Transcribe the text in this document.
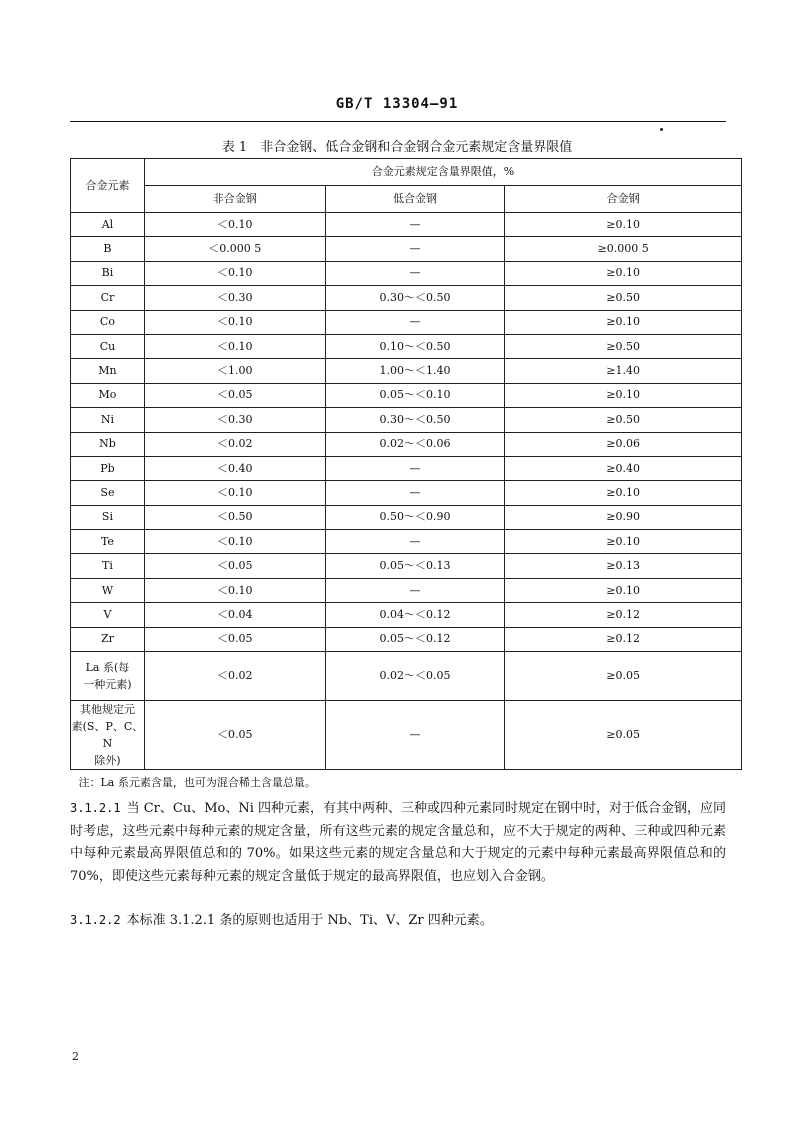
GB/T 13304—91
表 1　非合金钢、低合金钢和合金钢合金元素规定含量界限值
合金元素	合金元素规定含量界限值，%		
	非合金钢	低合金钢	合金钢
Al	＜0.10	—	≥0.10
B	＜0.000 5	—	≥0.000 5
Bi	＜0.10	—	≥0.10
Cr	＜0.30	0.30～＜0.50	≥0.50
Co	＜0.10	—	≥0.10
Cu	＜0.10	0.10～＜0.50	≥0.50
Mn	＜1.00	1.00～＜1.40	≥1.40
Mo	＜0.05	0.05～＜0.10	≥0.10
Ni	＜0.30	0.30～＜0.50	≥0.50
Nb	＜0.02	0.02～＜0.06	≥0.06
Pb	＜0.40	—	≥0.40
Se	＜0.10	—	≥0.10
Si	＜0.50	0.50～＜0.90	≥0.90
Te	＜0.10	—	≥0.10
Ti	＜0.05	0.05～＜0.13	≥0.13
W	＜0.10	—	≥0.10
V	＜0.04	0.04～＜0.12	≥0.12
Zr	＜0.05	0.05～＜0.12	≥0.12

La 系(每
一种元素)	＜0.02	0.02～＜0.05	≥0.05

其他规定元
素(S、P、C、N
除外)	＜0.05	—	≥0.05
注：La 系元素含量，也可为混合稀土含量总量。			
3.1.2.1 当 Cr、Cu、Mo、Ni 四种元素，有其中两种、三种或四种元素同时规定在钢中时，对于低合金钢，应同时考虑，这些元素中每种元素的规定含量，所有这些元素的规定含量总和，应不大于规定的两种、三种或四种元素中每种元素最高界限值总和的 70%。如果这些元素的规定含量总和大于规定的元素中每种元素最高界限值总和的 70%，即使这些元素每种元素的规定含量低于规定的最高界限值，也应划入合金钢。
3.1.2.2 本标准 3.1.2.1 条的原则也适用于 Nb、Ti、V、Zr 四种元素。
2
